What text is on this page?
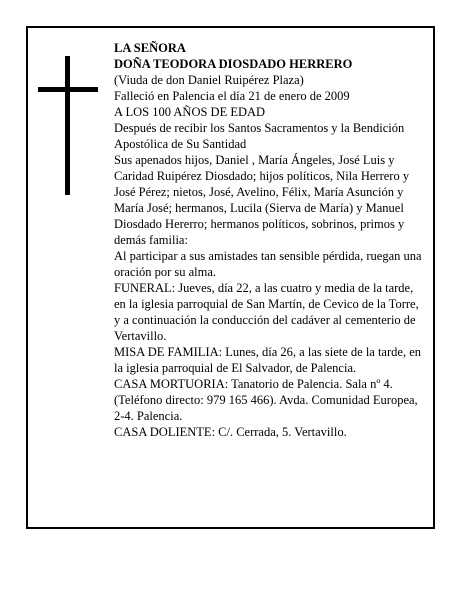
LA SEÑORA

DOÑA TEODORA DIOSDADO HERRERO

(Viuda de don Daniel Ruipérez Plaza)

Falleció en Palencia el día 21 de enero de 2009

A LOS 100 AÑOS DE EDAD

Después de recibir los Santos Sacramentos y la Bendición Apostólica de Su Santidad

Sus apenados hijos, Daniel , María Ángeles, José Luis y Caridad Ruipérez Diosdado; hijos políticos, Nila Herrero y José Pérez; nietos, José, Avelino, Félix, María Asunción y María José; hermanos, Lucila (Sierva de María) y Manuel Diosdado Hererro; hermanos políticos, sobrinos, primos y demás familia:

Al participar a sus amistades tan sensible pérdida, ruegan una oración por su alma.

FUNERAL: Jueves, día 22, a las cuatro y media de la tarde, en la iglesia parroquial de San Martín, de Cevico de la Torre, y a continuación la conducción del cadáver al cementerio de Vertavillo.

MISA DE FAMILIA: Lunes, día 26, a las siete de la tarde, en la iglesia parroquial de El Salvador, de Palencia.

CASA MORTUORIA: Tanatorio de Palencia. Sala nº 4. (Teléfono directo: 979 165 466). Avda. Comunidad Europea, 2-4. Palencia.

CASA DOLIENTE: C/. Cerrada, 5. Vertavillo.
